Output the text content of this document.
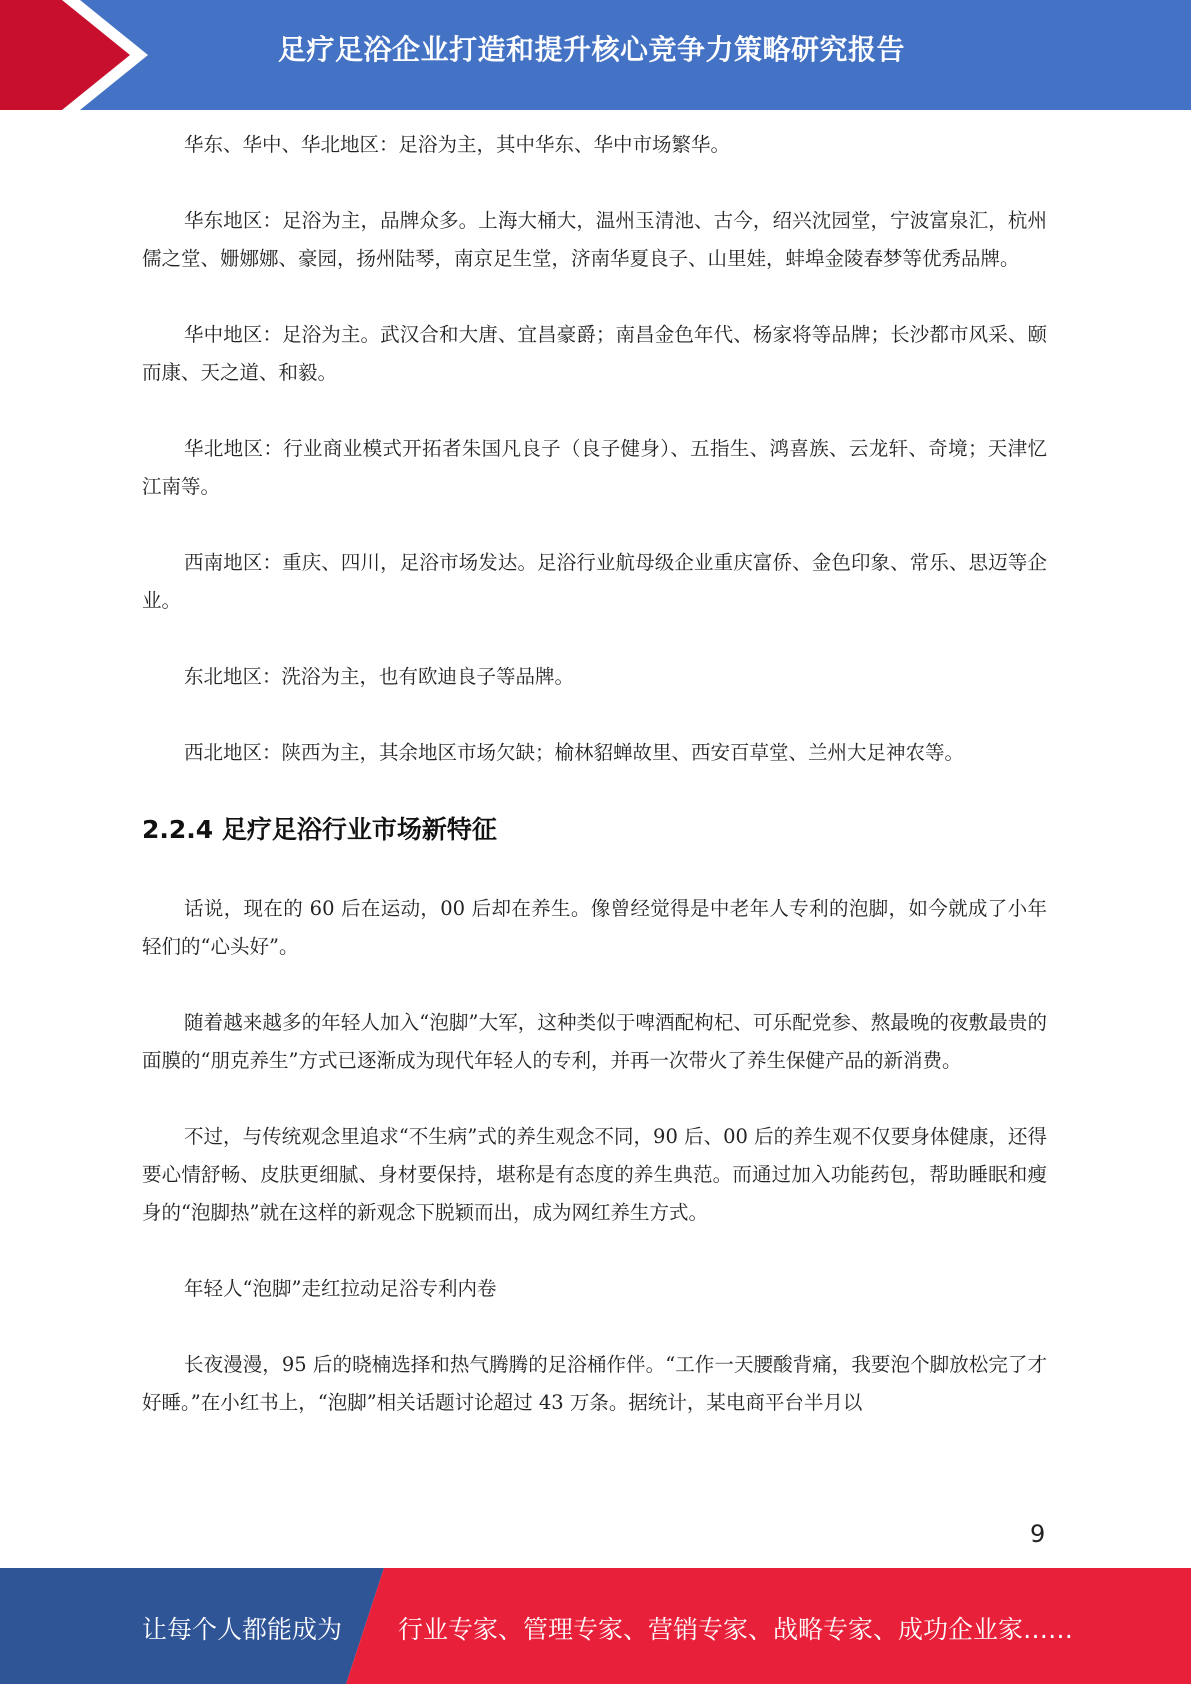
足疗足浴企业打造和提升核心竞争力策略研究报告

华东、华中、华北地区：足浴为主，其中华东、华中市场繁华。

华东地区：足浴为主，品牌众多。上海大桶大，温州玉清池、古今，绍兴沈园堂，宁波富泉汇，杭州儒之堂、姗娜娜、豪园，扬州陆琴，南京足生堂，济南华夏良子、山里娃，蚌埠金陵春梦等优秀品牌。

华中地区：足浴为主。武汉合和大唐、宜昌豪爵；南昌金色年代、杨家将等品牌；长沙都市风采、颐而康、天之道、和毅。

华北地区：行业商业模式开拓者朱国凡良子（良子健身）、五指生、鸿喜族、云龙轩、奇境；天津忆江南等。

西南地区：重庆、四川，足浴市场发达。足浴行业航母级企业重庆富侨、金色印象、常乐、思迈等企业。

东北地区：洗浴为主，也有欧迪良子等品牌。

西北地区：陕西为主，其余地区市场欠缺；榆林貂蝉故里、西安百草堂、兰州大足神农等。

2.2.4 足疗足浴行业市场新特征

话说，现在的 60 后在运动，00 后却在养生。像曾经觉得是中老年人专利的泡脚，如今就成了小年轻们的“心头好”。

随着越来越多的年轻人加入“泡脚”大军，这种类似于啤酒配枸杞、可乐配党参、熬最晚的夜敷最贵的面膜的“朋克养生”方式已逐渐成为现代年轻人的专利，并再一次带火了养生保健产品的新消费。

不过，与传统观念里追求“不生病”式的养生观念不同，90 后、00 后的养生观不仅要身体健康，还得要心情舒畅、皮肤更细腻、身材要保持，堪称是有态度的养生典范。而通过加入功能药包，帮助睡眠和瘦身的“泡脚热”就在这样的新观念下脱颖而出，成为网红养生方式。

年轻人“泡脚”走红拉动足浴专利内卷

长夜漫漫，95 后的晓楠选择和热气腾腾的足浴桶作伴。“工作一天腰酸背痛，我要泡个脚放松完了才好睡。”在小红书上，“泡脚”相关话题讨论超过 43 万条。据统计，某电商平台半月以

9
让每个人都能成为 行业专家、管理专家、营销专家、战略专家、成功企业家……
